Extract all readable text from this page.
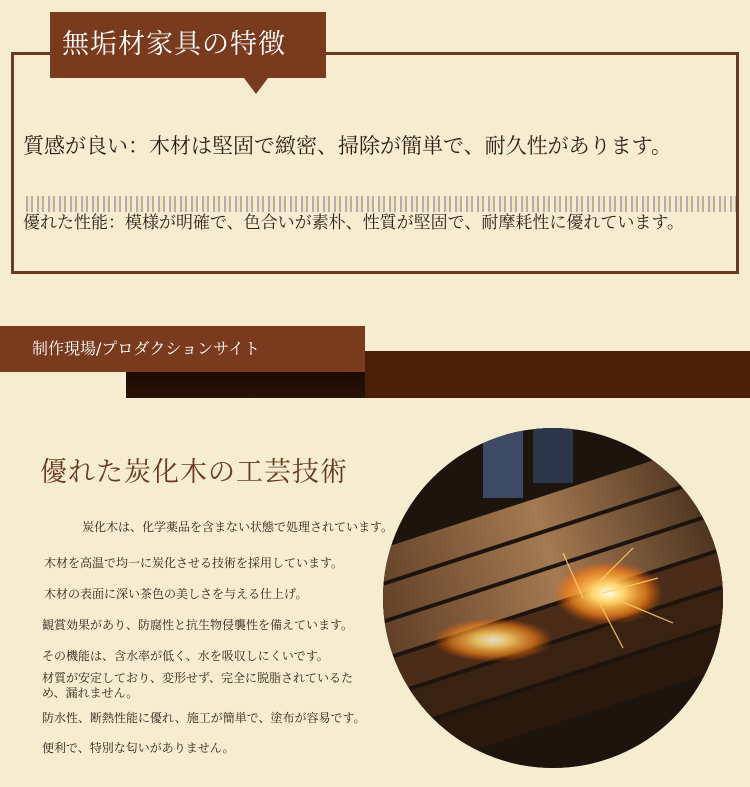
無垢材家具の特徴
質感が良い：木材は堅固で緻密、掃除が簡単で、耐久性があります。
優れた性能：模様が明確で、色合いが素朴、性質が堅固で、耐摩耗性に優れています。
制作現場/プロダクションサイト
優れた炭化木の工芸技術
炭化木は、化学薬品を含まない状態で処理されています。
木材を高温で均一に炭化させる技術を採用しています。
木材の表面に深い茶色の美しさを与える仕上げ。
観賞効果があり、防腐性と抗生物侵襲性を備えています。
その機能は、含水率が低く、水を吸収しにくいです。
材質が安定しており、変形せず、完全に脱脂されているため、漏れません。
防水性、断熱性能に優れ、施工が簡単で、塗布が容易です。
便利で、特別な匂いがありません。
